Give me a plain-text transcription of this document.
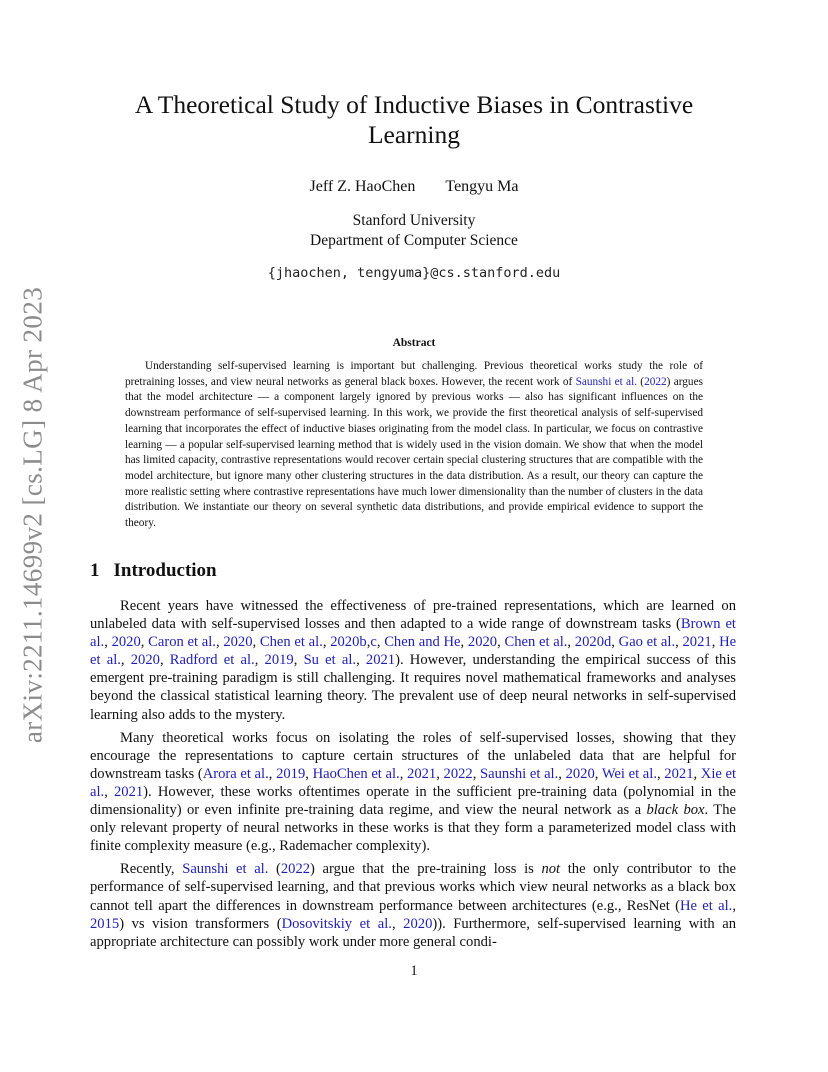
arXiv:2211.14699v2 [cs.LG] 8 Apr 2023
A Theoretical Study of Inductive Biases in Contrastive Learning
Jeff Z. HaoChen Tengyu Ma
Stanford University
Department of Computer Science
{jhaochen, tengyuma}@cs.stanford.edu
Abstract

Understanding self-supervised learning is important but challenging. Previous theoretical works study the role of pretraining losses, and view neural networks as general black boxes. However, the recent work of Saunshi et al. (2022) argues that the model architecture — a component largely ignored by previous works — also has significant influences on the downstream performance of self-supervised learning. In this work, we provide the first theoretical analysis of self-supervised learning that incorporates the effect of inductive biases originating from the model class. In particular, we focus on contrastive learning — a popular self-supervised learning method that is widely used in the vision domain. We show that when the model has limited capacity, contrastive representations would recover certain special clustering structures that are compatible with the model architecture, but ignore many other clustering structures in the data distribution. As a result, our theory can capture the more realistic setting where contrastive representations have much lower dimensionality than the number of clusters in the data distribution. We instantiate our theory on several synthetic data distributions, and provide empirical evidence to support the theory.

1 Introduction

Recent years have witnessed the effectiveness of pre-trained representations, which are learned on unlabeled data with self-supervised losses and then adapted to a wide range of downstream tasks (Brown et al., 2020, Caron et al., 2020, Chen et al., 2020b,c, Chen and He, 2020, Chen et al., 2020d, Gao et al., 2021, He et al., 2020, Radford et al., 2019, Su et al., 2021). However, understanding the empirical success of this emergent pre-training paradigm is still challenging. It requires novel mathematical frameworks and analyses beyond the classical statistical learning theory. The prevalent use of deep neural networks in self-supervised learning also adds to the mystery.

Many theoretical works focus on isolating the roles of self-supervised losses, showing that they encourage the representations to capture certain structures of the unlabeled data that are helpful for downstream tasks (Arora et al., 2019, HaoChen et al., 2021, 2022, Saunshi et al., 2020, Wei et al., 2021, Xie et al., 2021). However, these works oftentimes operate in the sufficient pre-training data (polynomial in the dimensionality) or even infinite pre-training data regime, and view the neural network as a black box. The only relevant property of neural networks in these works is that they form a parameterized model class with finite complexity measure (e.g., Rademacher complexity).

Recently, Saunshi et al. (2022) argue that the pre-training loss is not the only contributor to the performance of self-supervised learning, and that previous works which view neural networks as a black box cannot tell apart the differences in downstream performance between architectures (e.g., ResNet (He et al., 2015) vs vision transformers (Dosovitskiy et al., 2020)). Furthermore, self-supervised learning with an appropriate architecture can possibly work under more general condi-

1
